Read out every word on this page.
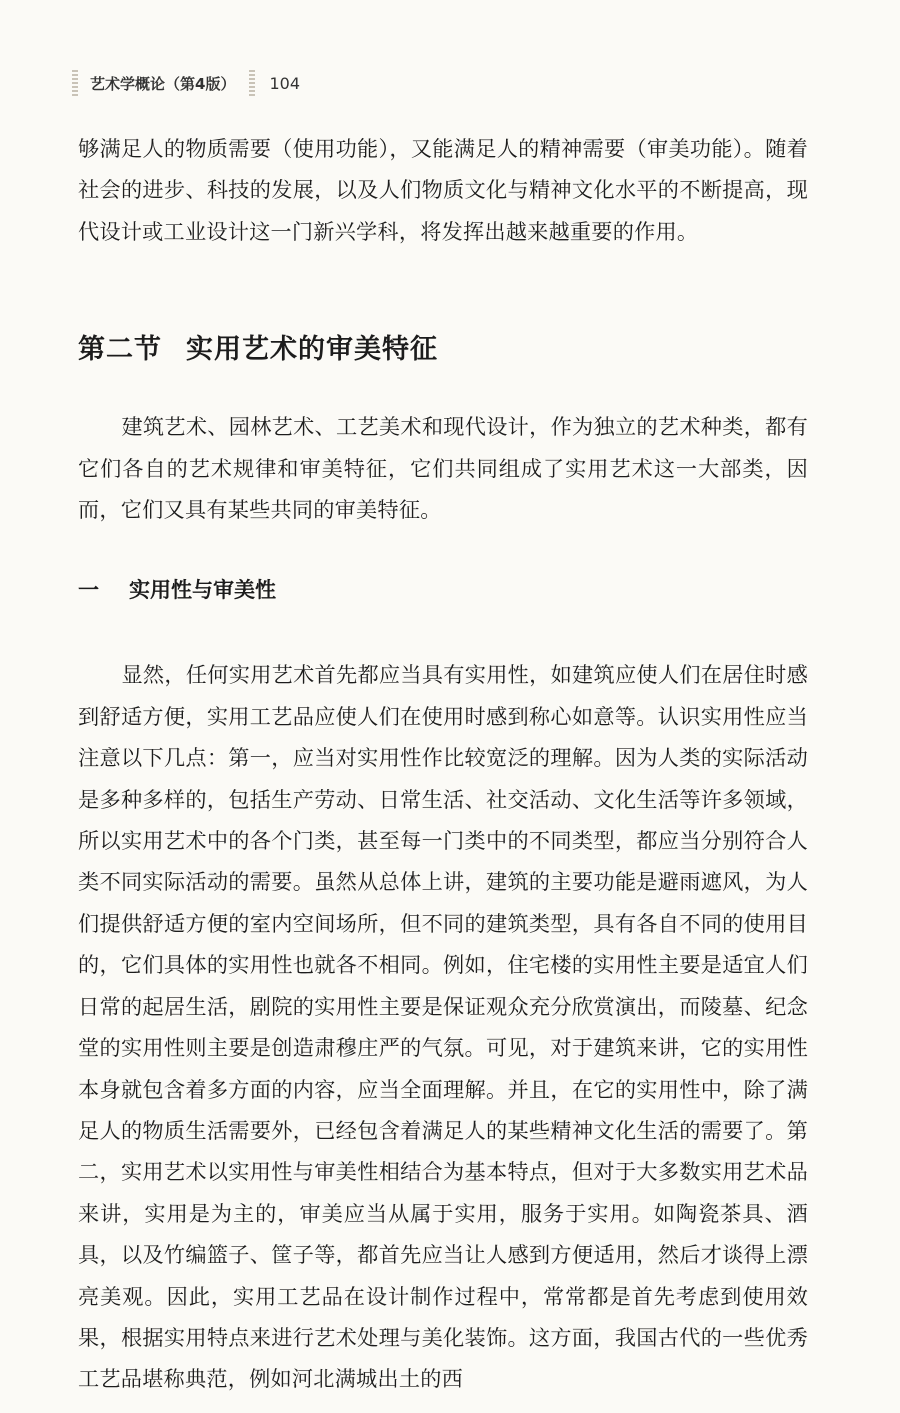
艺术学概论（第4版） 104

够满足人的物质需要（使用功能），又能满足人的精神需要（审美功能）。随着社会的进步、科技的发展，以及人们物质文化与精神文化水平的不断提高，现代设计或工业设计这一门新兴学科，将发挥出越来越重要的作用。

第二节 实用艺术的审美特征

建筑艺术、园林艺术、工艺美术和现代设计，作为独立的艺术种类，都有它们各自的艺术规律和审美特征，它们共同组成了实用艺术这一大部类，因而，它们又具有某些共同的审美特征。

一 实用性与审美性

显然，任何实用艺术首先都应当具有实用性，如建筑应使人们在居住时感到舒适方便，实用工艺品应使人们在使用时感到称心如意等。认识实用性应当注意以下几点：第一，应当对实用性作比较宽泛的理解。因为人类的实际活动是多种多样的，包括生产劳动、日常生活、社交活动、文化生活等许多领域，所以实用艺术中的各个门类，甚至每一门类中的不同类型，都应当分别符合人类不同实际活动的需要。虽然从总体上讲，建筑的主要功能是避雨遮风，为人们提供舒适方便的室内空间场所，但不同的建筑类型，具有各自不同的使用目的，它们具体的实用性也就各不相同。例如，住宅楼的实用性主要是适宜人们日常的起居生活，剧院的实用性主要是保证观众充分欣赏演出，而陵墓、纪念堂的实用性则主要是创造肃穆庄严的气氛。可见，对于建筑来讲，它的实用性本身就包含着多方面的内容，应当全面理解。并且，在它的实用性中，除了满足人的物质生活需要外，已经包含着满足人的某些精神文化生活的需要了。第二，实用艺术以实用性与审美性相结合为基本特点，但对于大多数实用艺术品来讲，实用是为主的，审美应当从属于实用，服务于实用。如陶瓷茶具、酒具，以及竹编篮子、筐子等，都首先应当让人感到方便适用，然后才谈得上漂亮美观。因此，实用工艺品在设计制作过程中，常常都是首先考虑到使用效果，根据实用特点来进行艺术处理与美化装饰。这方面，我国古代的一些优秀工艺品堪称典范，例如河北满城出土的西
